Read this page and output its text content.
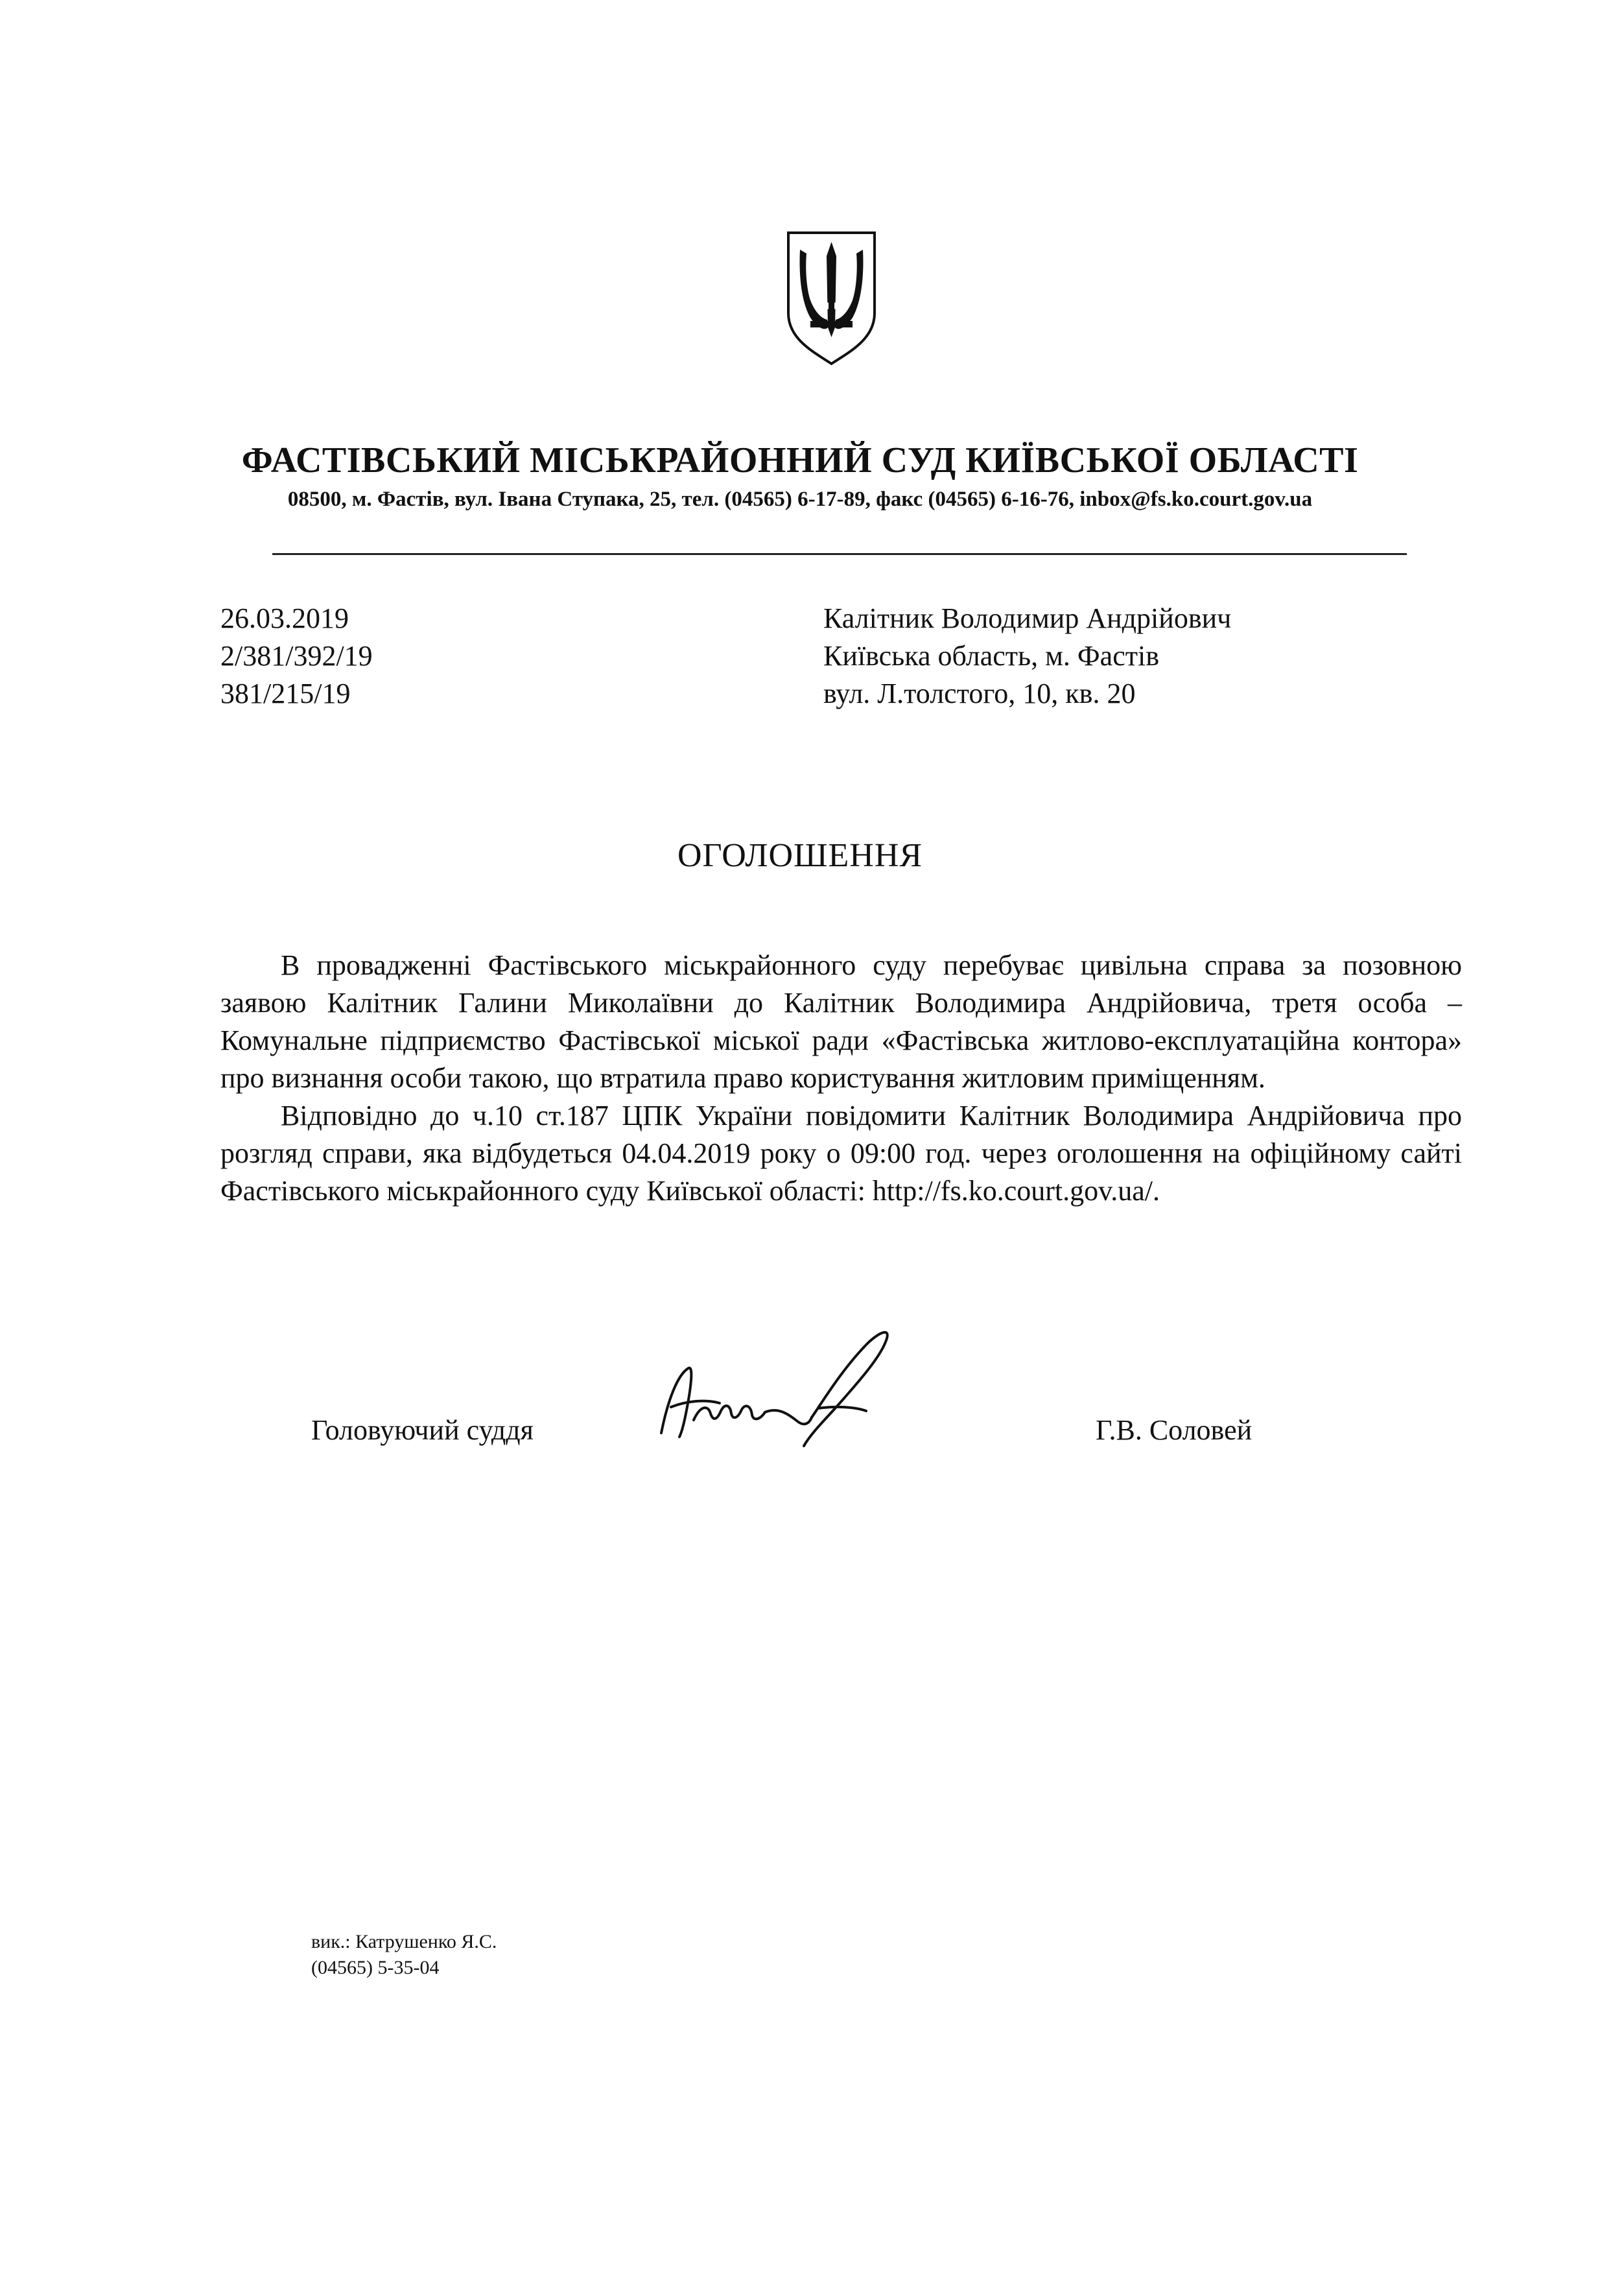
ФАСТІВСЬКИЙ МІСЬКРАЙОННИЙ СУД КИЇВСЬКОЇ ОБЛАСТІ
08500, м. Фастів, вул. Івана Ступака, 25, тел. (04565) 6-17-89, факс (04565) 6-16-76, inbox@fs.ko.court.gov.ua
26.03.2019
2/381/392/19
381/215/19
Калітник Володимир Андрійович
Київська область, м. Фастів
вул. Л.толстого, 10, кв. 20
ОГОЛОШЕННЯ

В провадженні Фастівського міськрайонного суду перебуває цивільна справа за позовною заявою Калітник Галини Миколаївни до Калітник Володимира Андрійовича, третя особа – Комунальне підприємство Фастівської міської ради «Фастівська житлово-експлуатаційна контора» про визнання особи такою, що втратила право користування житловим приміщенням.

Відповідно до ч.10 ст.187 ЦПК України повідомити Калітник Володимира Андрійовича про розгляд справи, яка відбудеться 04.04.2019 року о 09:00 год. через оголошення на офіційному сайті Фастівського міськрайонного суду Київської області: http://fs.ko.court.gov.ua/.

Головуючий суддя	Г.В. Соловей
вик.: Катрушенко Я.С.
(04565) 5-35-04
